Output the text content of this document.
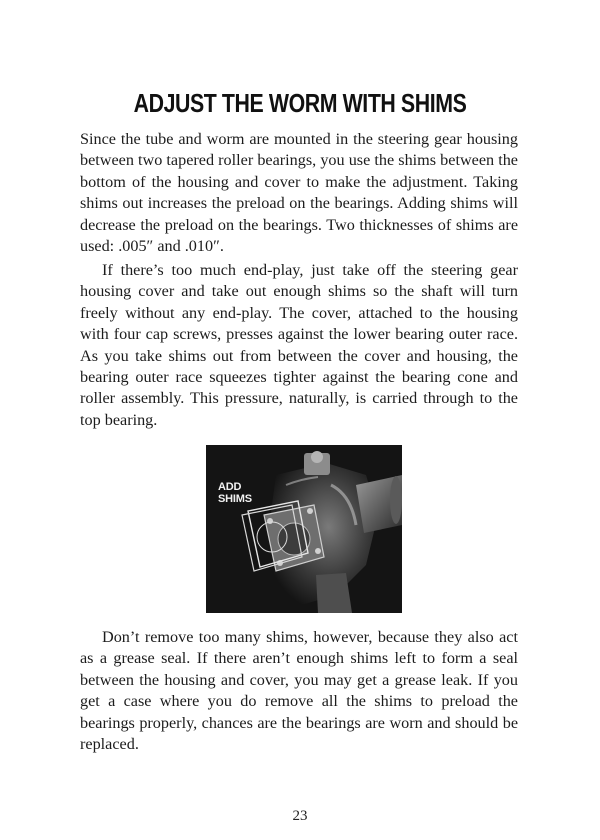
ADJUST THE WORM WITH SHIMS

Since the tube and worm are mounted in the steering gear housing between two tapered roller bearings, you use the shims between the bottom of the housing and cover to make the adjustment. Taking shims out increases the preload on the bearings. Adding shims will decrease the preload on the bearings. Two thicknesses of shims are used: .005″ and .010″.

If there’s too much end-play, just take off the steering gear housing cover and take out enough shims so the shaft will turn freely without any end-play. The cover, attached to the housing with four cap screws, presses against the lower bearing outer race. As you take shims out from between the cover and housing, the bearing outer race squeezes tighter against the bearing cone and roller assembly. This pressure, naturally, is carried through to the top bearing.

ADD
SHIMS

Don’t remove too many shims, however, because they also act as a grease seal. If there aren’t enough shims left to form a seal between the housing and cover, you may get a grease leak. If you get a case where you do remove all the shims to preload the bearings properly, chances are the bearings are worn and should be replaced.

23
